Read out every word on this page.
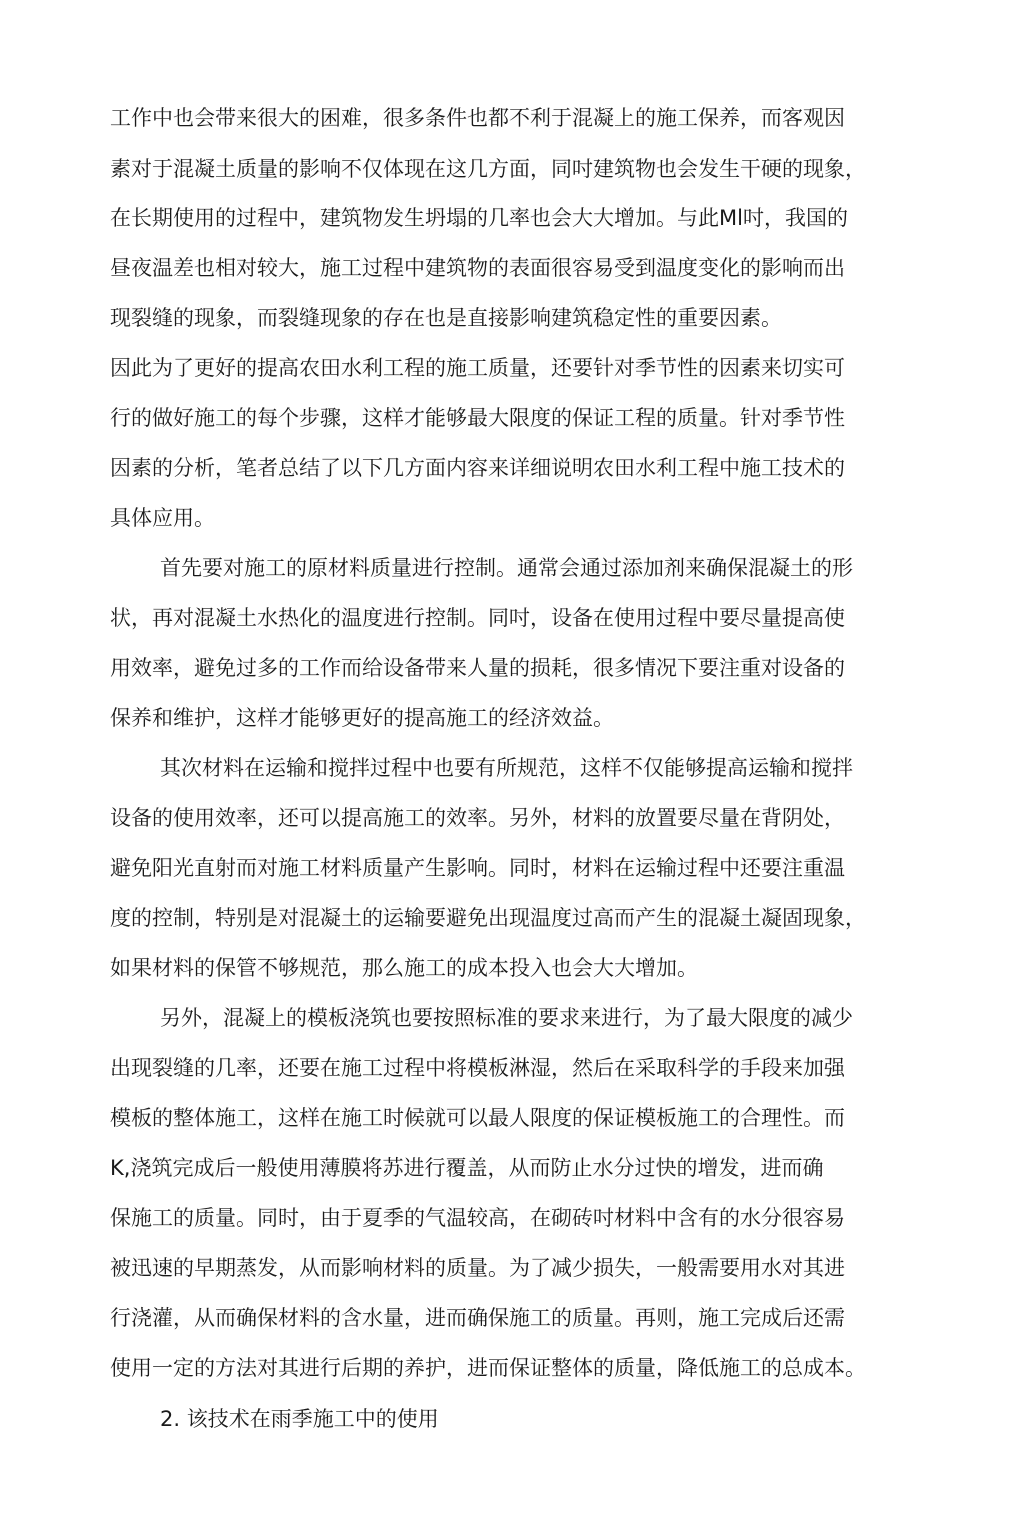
工作中也会带来很大的困难，很多条件也都不利于混凝上的施工保养，而客观因
素对于混凝土质量的影响不仅体现在这几方面，同吋建筑物也会发生干硬的现象，
在长期使用的过程中，建筑物发生坍塌的几率也会大大增加。与此Ml吋，我国的
昼夜温差也相对较大，施工过程中建筑物的表面很容易受到温度变化的影响而出
现裂缝的现象，而裂缝现象的存在也是直接影响建筑稳定性的重要因素。
因此为了更好的提高农田水利工程的施工质量，还要针对季节性的因素来切实可
行的做好施工的每个步骤，这样才能够最大限度的保证工程的质量。针对季节性
因素的分析，笔者总结了以下几方面内容来详细说明农田水利工程中施工技术的
具体应用。
首先要对施工的原材料质量进行控制。通常会通过添加剂来确保混凝土的形
状，再对混凝土水热化的温度进行控制。同吋，设备在使用过程中要尽量提高使
用效率，避免过多的工作而给设备带来人量的损耗，很多情况下要注重对设备的
保养和维护，这样才能够更好的提高施工的经济效益。
其次材料在运输和搅拌过程中也要有所规范，这样不仅能够提高运输和搅拌
设备的使用效率，还可以提高施工的效率。另外，材料的放置要尽量在背阴处，
避免阳光直射而对施工材料质量产生影响。同时，材料在运输过程中还要注重温
度的控制，特别是对混凝土的运输要避免出现温度过高而产生的混凝土凝固现象，
如果材料的保管不够规范，那么施工的成本投入也会大大增加。
另外，混凝上的模板浇筑也要按照标准的要求来进行，为了最大限度的减少
出现裂缝的几率，还要在施工过程中将模板淋湿，然后在采取科学的手段来加强
模板的整体施工，这样在施工时候就可以最人限度的保证模板施工的合理性。而
K,浇筑完成后一般使用薄膜将苏进行覆盖，从而防止水分过快的增发，进而确
保施工的质量。同时，由于夏季的气温较高，在砌砖吋材料中含有的水分很容易
被迅速的早期蒸发，从而影响材料的质量。为了减少损失，一般需要用水对其进
行浇灌，从而确保材料的含水量，进而确保施工的质量。再则，施工完成后还需
使用一定的方法对其进行后期的养护，进而保证整体的质量，降低施工的总成本。
2. 该技术在雨季施工中的使用
